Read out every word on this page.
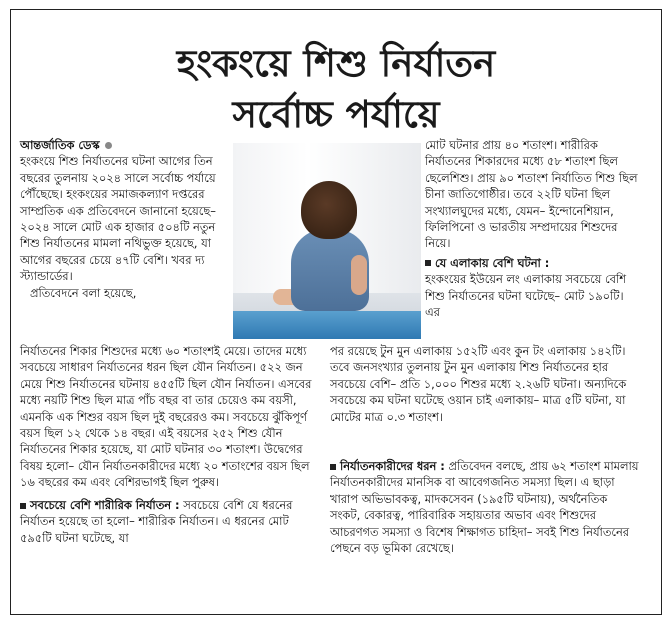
হংকংয়ে শিশু নির্যাতন
সর্বোচ্চ পর্যায়ে

আন্তর্জাতিক ডেস্ক

হংকংয়ে শিশু নির্যাতনের ঘটনা আগের তিন বছরের তুলনায় ২০২৪ সালে সর্বোচ্চ পর্যায়ে পৌঁছেছে। হংকংয়ের সমাজকল্যাণ দপ্তরের সাম্প্রতিক এক প্রতিবেদনে জানানো হয়েছে– ২০২৪ সালে মোট এক হাজার ৫০৪টি নতুন শিশু নির্যাতনের মামলা নথিভুক্ত হয়েছে, যা আগের বছরের চেয়ে ৪৭টি বেশি। খবর দ্য স্ট্যান্ডার্ডের।

প্রতিবেদনে বলা হয়েছে,

মোট ঘটনার প্রায় ৪০ শতাংশ। শারীরিক নির্যাতনের শিকারদের মধ্যে ৫৮ শতাংশ ছিল ছেলেশিশু। প্রায় ৯০ শতাংশ নির্যাতিত শিশু ছিল চীনা জাতিগোষ্ঠীর। তবে ২২টি ঘটনা ছিল সংখ্যালঘুদের মধ্যে, যেমন– ইন্দোনেশিয়ান, ফিলিপিনো ও ভারতীয় সম্প্রদায়ের শিশুদের নিয়ে।

যে এলাকায় বেশি ঘটনা :

হংকংয়ের ইউয়েন লং এলাকায় সবচেয়ে বেশি শিশু নির্যাতনের ঘটনা ঘটেছে– মোট ১৯০টি। এর

নির্যাতনের শিকার শিশুদের মধ্যে ৬০ শতাংশই মেয়ে। তাদের মধ্যে সবচেয়ে সাধারণ নির্যাতনের ধরন ছিল যৌন নির্যাতন। ৫২২ জন মেয়ে শিশু নির্যাতনের ঘটনায় ৪৫৫টি ছিল যৌন নির্যাতন। এসবের মধ্যে নয়টি শিশু ছিল মাত্র পাঁচ বছর বা তার চেয়েও কম বয়সী, এমনকি এক শিশুর বয়স ছিল দুই বছরেরও কম। সবচেয়ে ঝুঁকিপূর্ণ বয়স ছিল ১২ থেকে ১৪ বছর। এই বয়সের ২৫২ শিশু যৌন নির্যাতনের শিকার হয়েছে, যা মোট ঘটনার ৩০ শতাংশ। উদ্বেগের বিষয় হলো– যৌন নির্যাতনকারীদের মধ্যে ২০ শতাংশের বয়স ছিল ১৬ বছরের কম এবং বেশিরভাগই ছিল পুরুষ।
পর রয়েছে টুন মুন এলাকায় ১৫২টি এবং কুন টং এলাকায় ১৪২টি। তবে জনসংখ্যার তুলনায় টুন মুন এলাকায় শিশু নির্যাতনের হার সবচেয়ে বেশি– প্রতি ১,০০০ শিশুর মধ্যে ২.২৬টি ঘটনা। অন্যদিকে সবচেয়ে কম ঘটনা ঘটেছে ওয়ান চাই এলাকায়– মাত্র ৫টি ঘটনা, যা মোটের মাত্র ০.৩ শতাংশ।

সবচেয়ে বেশি শারীরিক নির্যাতন : সবচেয়ে বেশি যে ধরনের নির্যাতন হয়েছে তা হলো– শারীরিক নির্যাতন। এ ধরনের মোট ৫৯৫টি ঘটনা ঘটেছে, যা

নির্যাতনকারীদের ধরন : প্রতিবেদন বলছে, প্রায় ৬২ শতাংশ মামলায় নির্যাতনকারীদের মানসিক বা আবেগজনিত সমস্যা ছিল। এ ছাড়া খারাপ অভিভাবকত্ব, মাদকসেবন (১৯৫টি ঘটনায়), অর্থনৈতিক সংকট, বেকারত্ব, পারিবারিক সহায়তার অভাব এবং শিশুদের আচরণগত সমস্যা ও বিশেষ শিক্ষাগত চাহিদা– সবই শিশু নির্যাতনের পেছনে বড় ভূমিকা রেখেছে।
